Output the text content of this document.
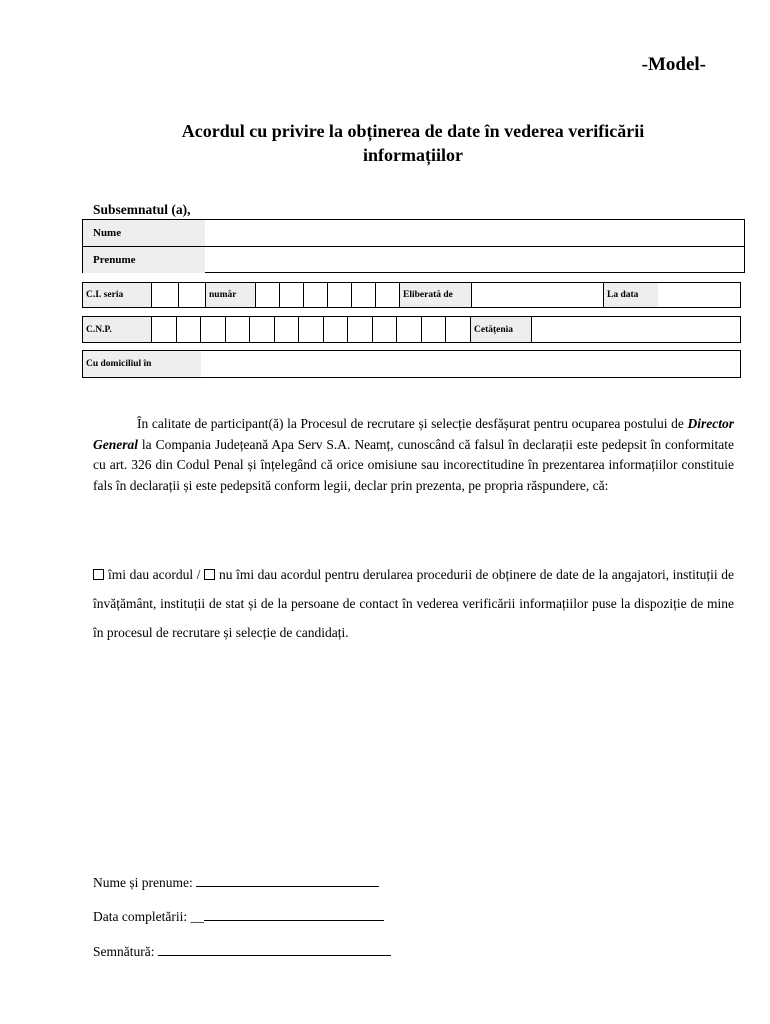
-Model-
Acordul cu privire la obținerea de date în vederea verificării
informațiilor
Subsemnatul (a),
Nume
Prenume
C.I. seria	număr	Eliberată de	La data
C.N.P.	Cetățenia
Cu domiciliul în
În calitate de participant(ă) la Procesul de recrutare și selecție desfășurat pentru ocuparea postului de Director General la Compania Județeană Apa Serv S.A. Neamț, cunoscând că falsul în declarații este pedepsit în conformitate cu art. 326 din Codul Penal și înțelegând că orice omisiune sau incorectitudine în prezentarea informațiilor constituie fals în declarații și este pedepsită conform legii, declar prin prezenta, pe propria răspundere, că:
îmi dau acordul / nu îmi dau acordul pentru derularea procedurii de obținere de date de la angajatori, instituții de învățământ, instituții de stat și de la persoane de contact în vederea verificării informațiilor puse la dispoziție de mine în procesul de recrutare și selecție de candidați.
Nume și prenume:
Data completării: __
Semnătură:
